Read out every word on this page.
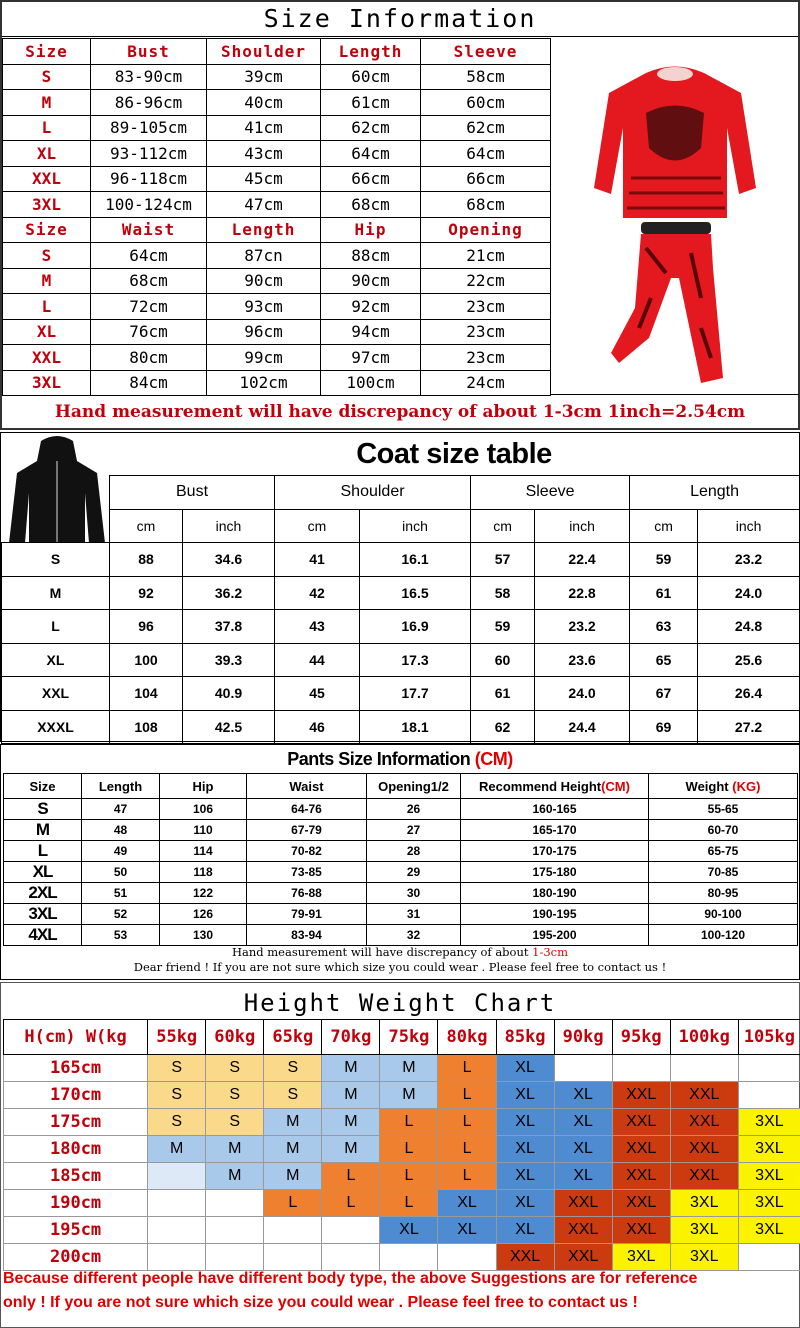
Size Information
Size	Bust	Shoulder	Length	Sleeve
S	83-90cm	39cm	60cm	58cm
M	86-96cm	40cm	61cm	60cm
L	89-105cm	41cm	62cm	62cm
XL	93-112cm	43cm	64cm	64cm
XXL	96-118cm	45cm	66cm	66cm
3XL	100-124cm	47cm	68cm	68cm
Size	Waist	Length	Hip	Opening
S	64cm	87cn	88cm	21cm
M	68cm	90cm	90cm	22cm
L	72cm	93cm	92cm	23cm
XL	76cm	96cm	94cm	23cm
XXL	80cm	99cm	97cm	23cm
3XL	84cm	102cm	100cm	24cm
Hand measurement will have discrepancy of about 1-3cm 1inch=2.54cm
Coat size table
	Bust		Shoulder		Sleeve		Length	
	cm	inch	cm	inch	cm	inch	cm	inch
S	88	34.6	41	16.1	57	22.4	59	23.2
M	92	36.2	42	16.5	58	22.8	61	24.0
L	96	37.8	43	16.9	59	23.2	63	24.8
XL	100	39.3	44	17.3	60	23.6	65	25.6
XXL	104	40.9	45	17.7	61	24.0	67	26.4
XXXL	108	42.5	46	18.1	62	24.4	69	27.2
Pants Size Information (CM)
Size	Length	Hip	Waist	Opening1/2	Recommend Height(CM)	Weight (KG)
S	47	106	64-76	26	160-165	55-65
M	48	110	67-79	27	165-170	60-70
L	49	114	70-82	28	170-175	65-75
XL	50	118	73-85	29	175-180	70-85
2XL	51	122	76-88	30	180-190	80-95
3XL	52	126	79-91	31	190-195	90-100
4XL	53	130	83-94	32	195-200	100-120
Hand measurement will have discrepancy of about 1-3cm
Dear friend ! If you are not sure which size you could wear . Please feel free to contact us !
Height Weight Chart
H(cm) W(kg	55kg	60kg	65kg	70kg	75kg	80kg	85kg	90kg	95kg	100kg	105kg
165cm	S	S	S	M	M	L	XL				
170cm	S	S	S	M	M	L	XL	XL	XXL	XXL	
175cm	S	S	M	M	L	L	XL	XL	XXL	XXL	3XL
180cm	M	M	M	M	L	L	XL	XL	XXL	XXL	3XL
185cm		M	M	L	L	L	XL	XL	XXL	XXL	3XL
190cm			L	L	L	XL	XL	XXL	XXL	3XL	3XL
195cm					XL	XL	XL	XXL	XXL	3XL	3XL
200cm							XXL	XXL	3XL	3XL	
Because different people have different body type, the above Suggestions are for reference
only ! If you are not sure which size you could wear . Please feel free to contact us !
